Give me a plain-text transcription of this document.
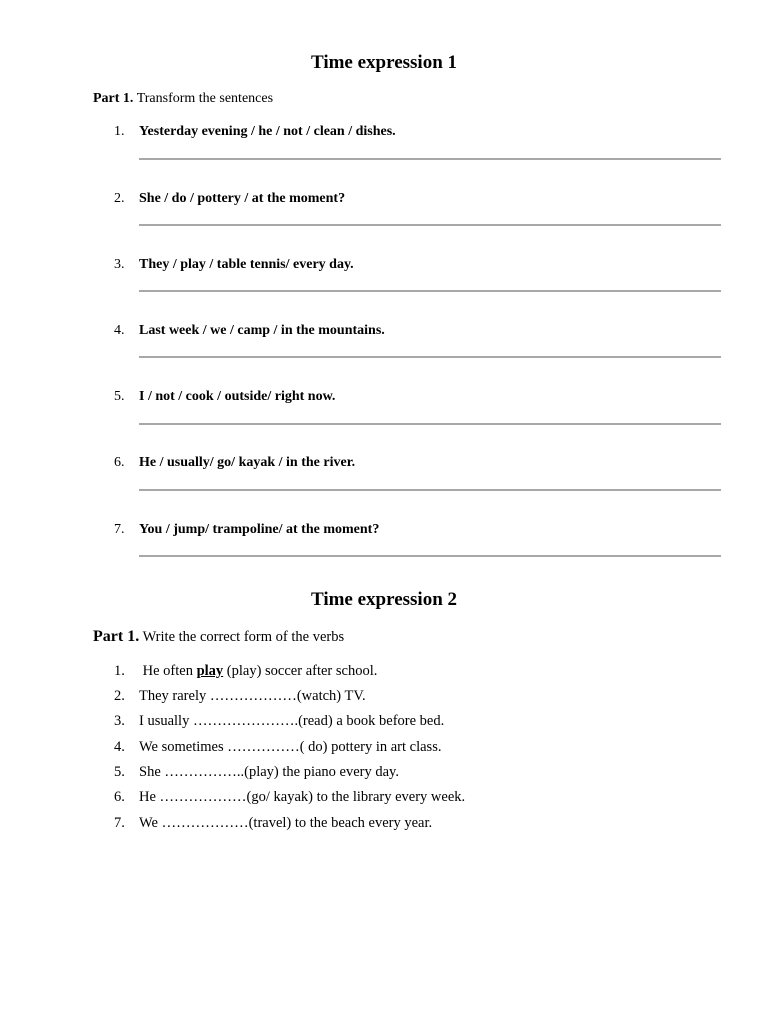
Time expression 1

Part 1. Transform the sentences

1. Yesterday evening / he / not / clean / dishes.
2. She / do / pottery / at the moment?
3. They / play / table tennis/ every day.
4. Last week / we / camp / in the mountains.
5. I / not / cook / outside/ right now.
6. He / usually/ go/ kayak / in the river.
7. You / jump/ trampoline/ at the moment?
Time expression 2

Part 1. Write the correct form of the verbs

1. He often play (play) soccer after school.
2. They rarely ………………(watch) TV.
3. I usually ………………….(read) a book before bed.
4. We sometimes ……………( do) pottery in art class.
5. She ……………..(play) the piano every day.
6. He ………………(go/ kayak) to the library every week.
7. We ………………(travel) to the beach every year.
